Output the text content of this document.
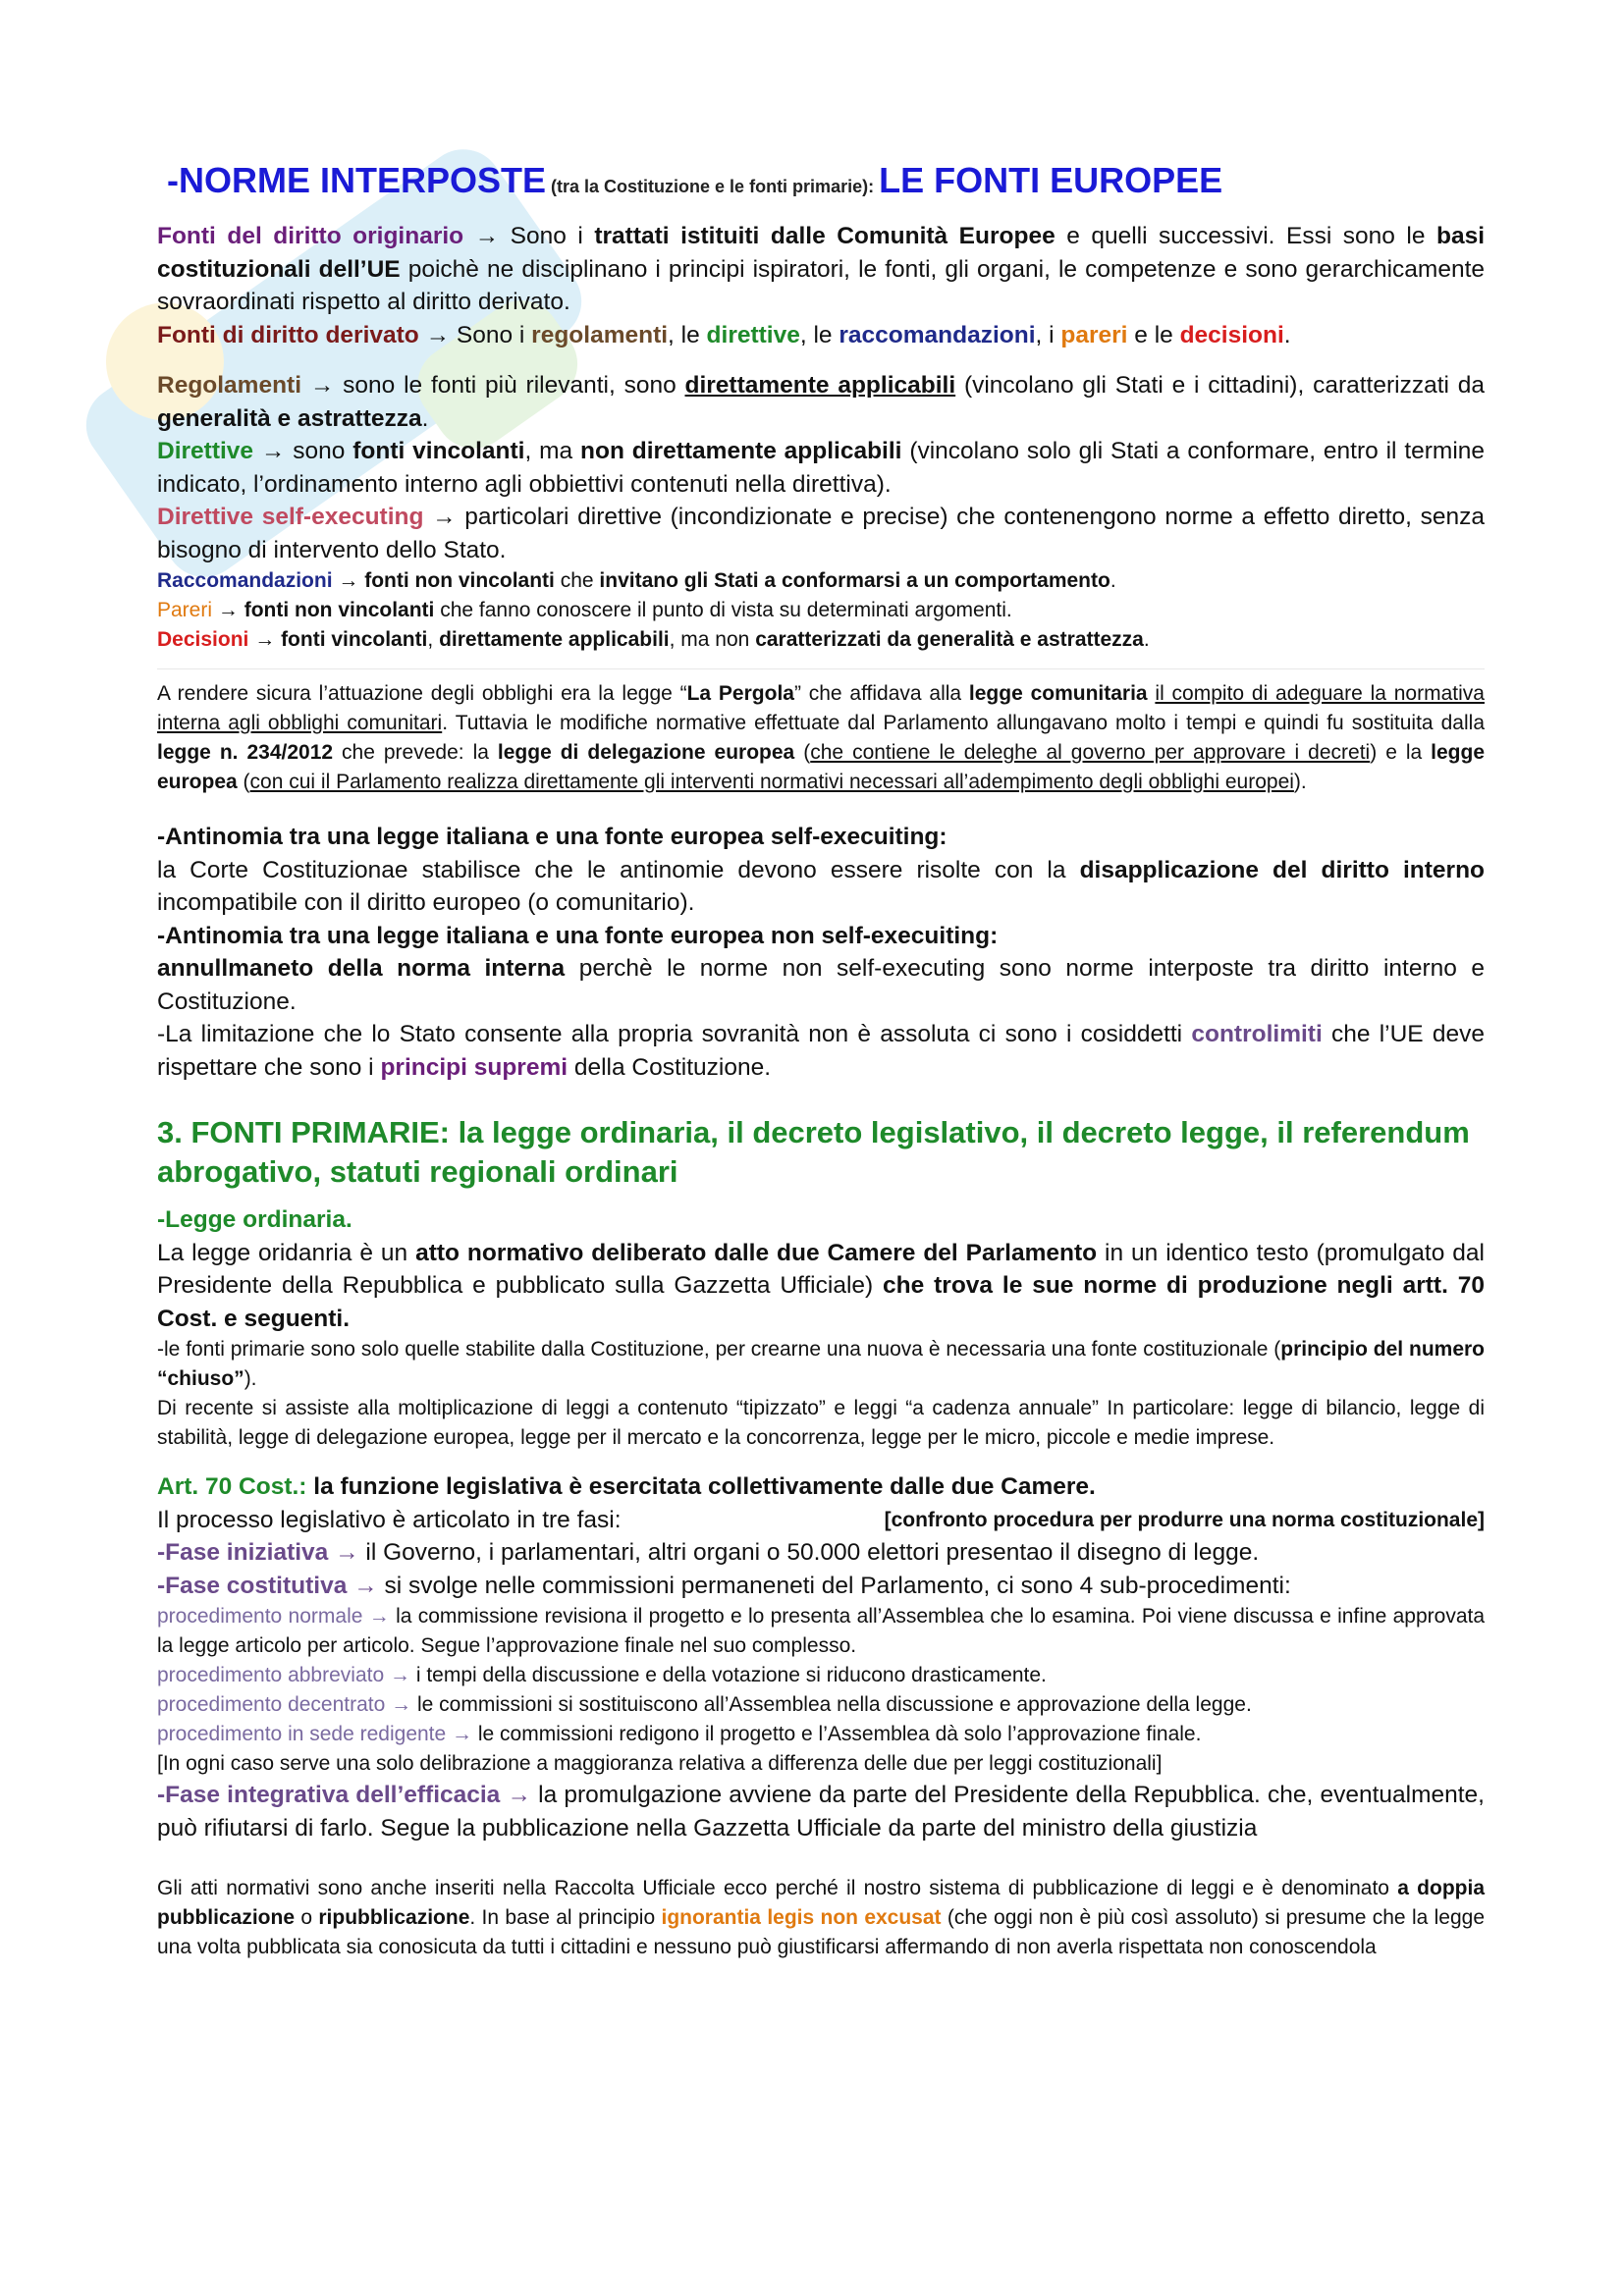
-NORME INTERPOSTE (tra la Costituzione e le fonti primarie): LE FONTI EUROPEE

Fonti del diritto originario → Sono i trattati istituiti dalle Comunità Europee e quelli successivi. Essi sono le basi costituzionali dell’UE poichè ne disciplinano i principi ispiratori, le fonti, gli organi, le competenze e sono gerarchicamente sovraordinati rispetto al diritto derivato.

Fonti di diritto derivato → Sono i regolamenti, le direttive, le raccomandazioni, i pareri e le decisioni.

Regolamenti → sono le fonti più rilevanti, sono direttamente applicabili (vincolano gli Stati e i cittadini), caratterizzati da generalità e astrattezza.

Direttive → sono fonti vincolanti, ma non direttamente applicabili (vincolano solo gli Stati a conformare, entro il termine indicato, l’ordinamento interno agli obbiettivi contenuti nella direttiva).

Direttive self-executing → particolari direttive (incondizionate e precise) che contenengono norme a effetto diretto, senza bisogno di intervento dello Stato.

Raccomandazioni → fonti non vincolanti che invitano gli Stati a conformarsi a un comportamento.

Pareri → fonti non vincolanti che fanno conoscere il punto di vista su determinati argomenti.

Decisioni → fonti vincolanti, direttamente applicabili, ma non caratterizzati da generalità e astrattezza.

A rendere sicura l’attuazione degli obblighi era la legge “La Pergola” che affidava alla legge comunitaria il compito di adeguare la normativa interna agli obblighi comunitari. Tuttavia le modifiche normative effettuate dal Parlamento allungavano molto i tempi e quindi fu sostituita dalla legge n. 234/2012 che prevede: la legge di delegazione europea (che contiene le deleghe al governo per approvare i decreti) e la legge europea (con cui il Parlamento realizza direttamente gli interventi normativi necessari all’adempimento degli obblighi europei).

-Antinomia tra una legge italiana e una fonte europea self-execuiting:

la Corte Costituzionae stabilisce che le antinomie devono essere risolte con la disapplicazione del diritto interno incompatibile con il diritto europeo (o comunitario).

-Antinomia tra una legge italiana e una fonte europea non self-execuiting:

annullmaneto della norma interna perchè le norme non self-executing sono norme interposte tra diritto interno e Costituzione.

-La limitazione che lo Stato consente alla propria sovranità non è assoluta ci sono i cosiddetti controlimiti che l’UE deve rispettare che sono i principi supremi della Costituzione.

3. FONTI PRIMARIE: la legge ordinaria, il decreto legislativo, il decreto legge, il referendum abrogativo, statuti regionali ordinari

-Legge ordinaria.

La legge oridanria è un atto normativo deliberato dalle due Camere del Parlamento in un identico testo (promulgato dal Presidente della Repubblica e pubblicato sulla Gazzetta Ufficiale) che trova le sue norme di produzione negli artt. 70 Cost. e seguenti.

-le fonti primarie sono solo quelle stabilite dalla Costituzione, per crearne una nuova è necessaria una fonte costituzionale (principio del numero “chiuso”).

Di recente si assiste alla moltiplicazione di leggi a contenuto “tipizzato” e leggi “a cadenza annuale” In particolare: legge di bilancio, legge di stabilità, legge di delegazione europea, legge per il mercato e la concorrenza, legge per le micro, piccole e medie imprese.

Art. 70 Cost.: la funzione legislativa è esercitata collettivamente dalle due Camere.

Il processo legislativo è articolato in tre fasi:	[confronto procedura per produrre una norma costituzionale]

-Fase iniziativa → il Governo, i parlamentari, altri organi o 50.000 elettori presentao il disegno di legge.

-Fase costitutiva → si svolge nelle commissioni permaneneti del Parlamento, ci sono 4 sub-procedimenti:

procedimento normale → la commissione revisiona il progetto e lo presenta all’Assemblea che lo esamina. Poi viene discussa e infine approvata la legge articolo per articolo. Segue l’approvazione finale nel suo complesso.

procedimento abbreviato → i tempi della discussione e della votazione si riducono drasticamente.

procedimento decentrato → le commissioni si sostituiscono all’Assemblea nella discussione e approvazione della legge.

procedimento in sede redigente → le commissioni redigono il progetto e l’Assemblea dà solo l’approvazione finale.

[In ogni caso serve una solo delibrazione a maggioranza relativa a differenza delle due per leggi costituzionali]

-Fase integrativa dell’efficacia → la promulgazione avviene da parte del Presidente della Repubblica. che, eventualmente, può rifiutarsi di farlo. Segue la pubblicazione nella Gazzetta Ufficiale da parte del ministro della giustizia

Gli atti normativi sono anche inseriti nella Raccolta Ufficiale ecco perché il nostro sistema di pubblicazione di leggi e è denominato a doppia pubblicazione o ripubblicazione. In base al principio ignorantia legis non excusat (che oggi non è più così assoluto) si presume che la legge una volta pubblicata sia conosicuta da tutti i cittadini e nessuno può giustificarsi affermando di non averla rispettata non conoscendola
